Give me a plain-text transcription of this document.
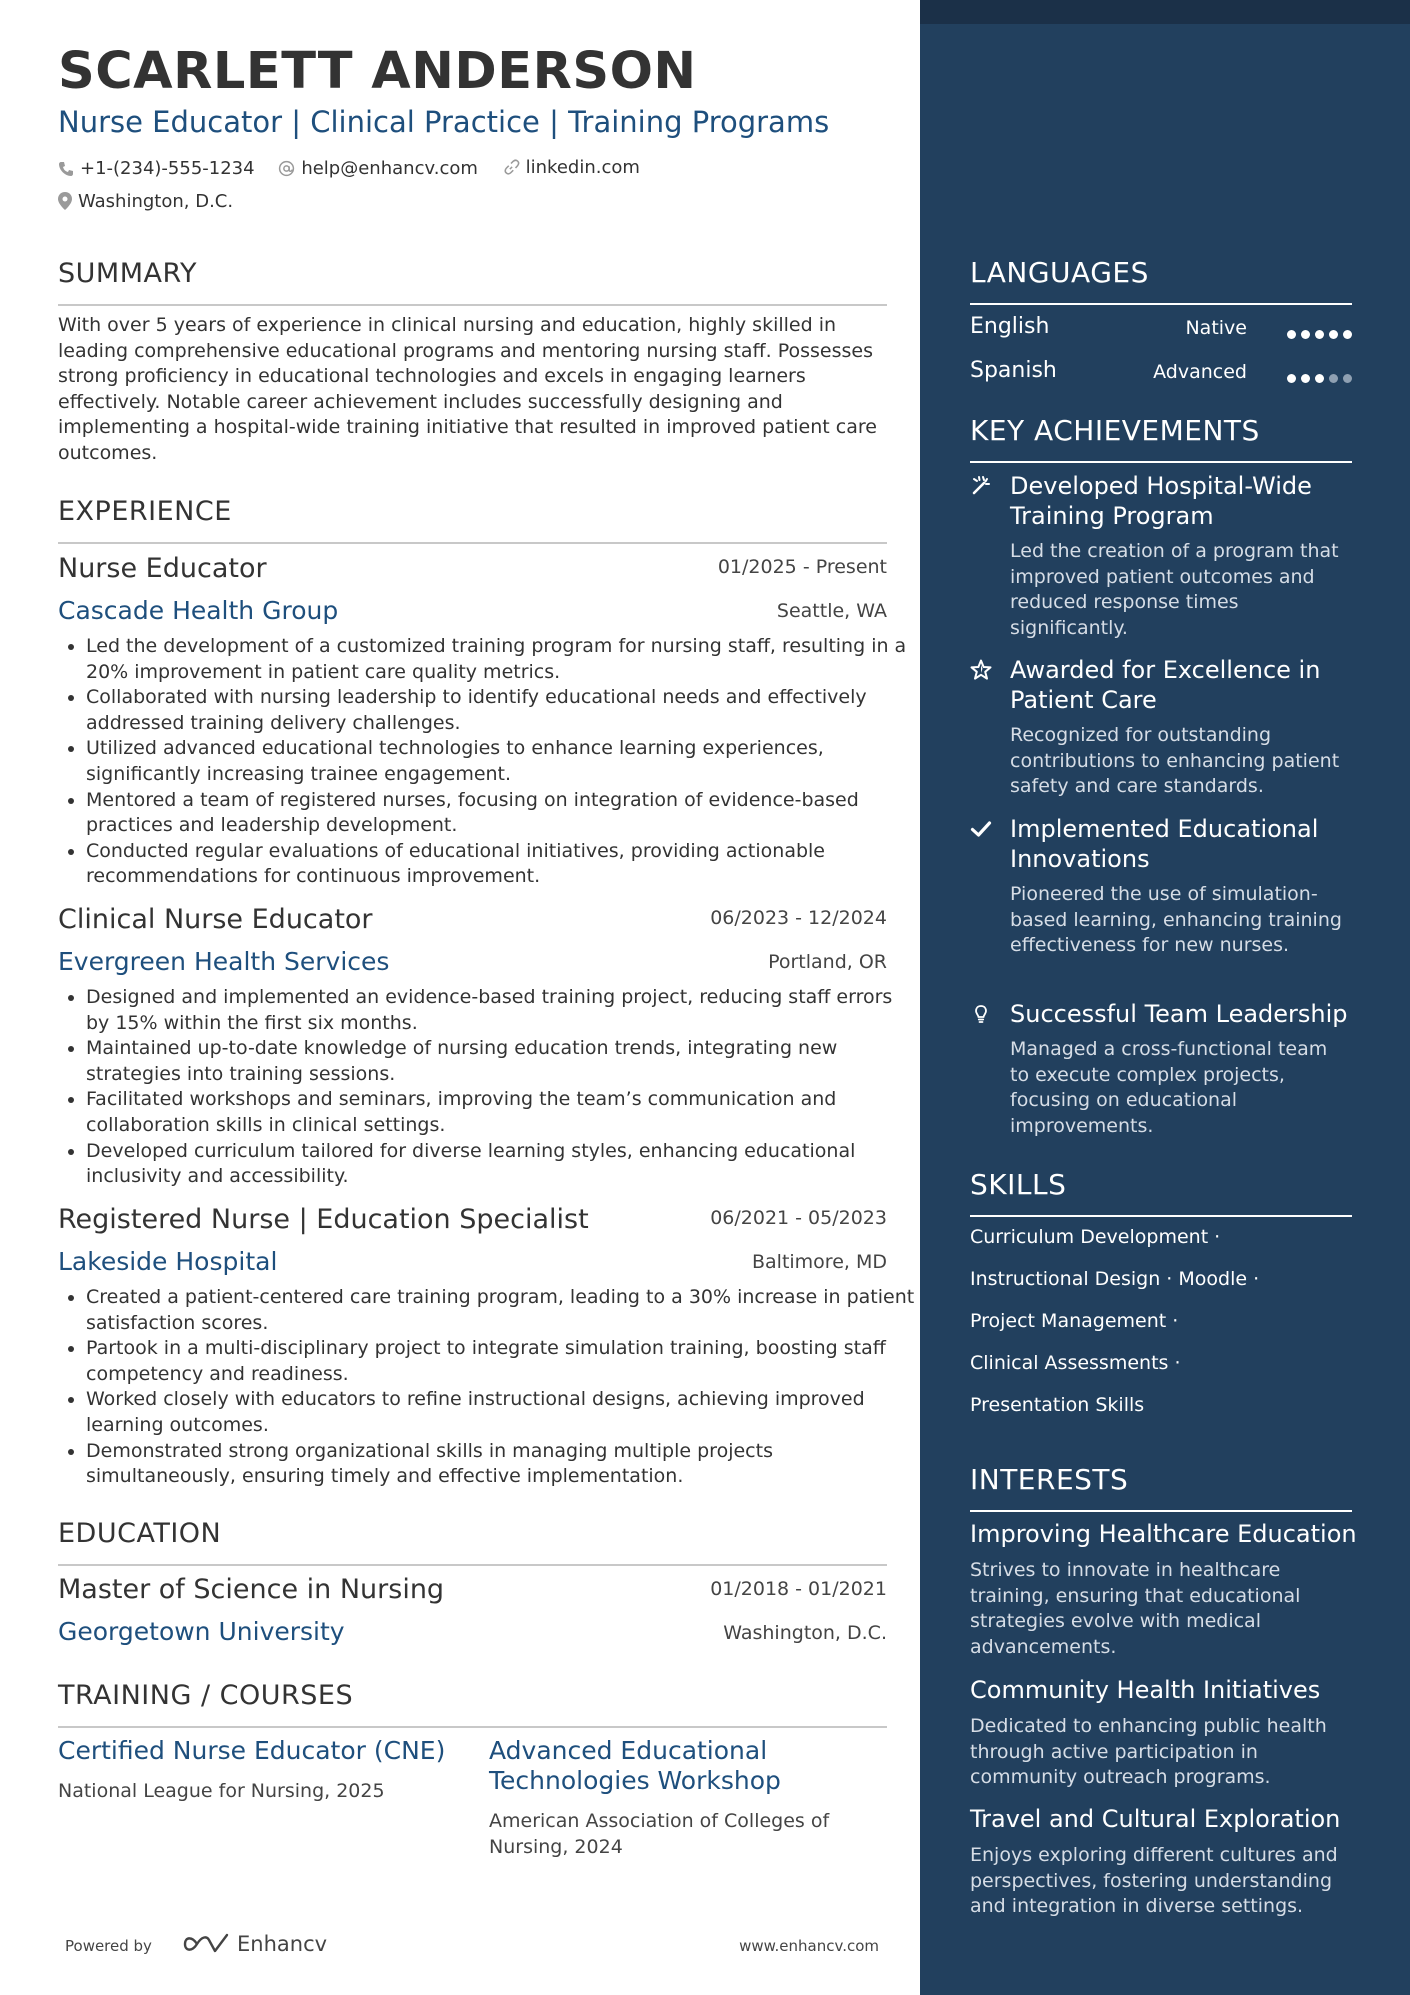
SCARLETT ANDERSON
Nurse Educator | Clinical Practice | Training Programs
+1-(234)-555-1234
	help@enhancv.com
	linkedin.com
Washington, D.C.
SUMMARY
With over 5 years of experience in clinical nursing and education, highly skilled in leading comprehensive educational programs and mentoring nursing staff. Possesses strong proficiency in educational technologies and excels in engaging learners effectively. Notable career achievement includes successfully designing and implementing a hospital-wide training initiative that resulted in improved patient care outcomes.
EXPERIENCE
Nurse Educator	01/2025 - Present
Cascade Health Group	Seattle, WA
• Led the development of a customized training program for nursing staff, resulting in a 20% improvement in patient care quality metrics.
• Collaborated with nursing leadership to identify educational needs and effectively addressed training delivery challenges.
• Utilized advanced educational technologies to enhance learning experiences, significantly increasing trainee engagement.
• Mentored a team of registered nurses, focusing on integration of evidence-based practices and leadership development.
• Conducted regular evaluations of educational initiatives, providing actionable recommendations for continuous improvement.
Clinical Nurse Educator	06/2023 - 12/2024
Evergreen Health Services	Portland, OR
• Designed and implemented an evidence-based training project, reducing staff errors by 15% within the first six months.
• Maintained up-to-date knowledge of nursing education trends, integrating new strategies into training sessions.
• Facilitated workshops and seminars, improving the team’s communication and collaboration skills in clinical settings.
• Developed curriculum tailored for diverse learning styles, enhancing educational inclusivity and accessibility.
Registered Nurse | Education Specialist	06/2021 - 05/2023
Lakeside Hospital	Baltimore, MD
• Created a patient-centered care training program, leading to a 30% increase in patient satisfaction scores.
• Partook in a multi-disciplinary project to integrate simulation training, boosting staff competency and readiness.
• Worked closely with educators to refine instructional designs, achieving improved learning outcomes.
• Demonstrated strong organizational skills in managing multiple projects simultaneously, ensuring timely and effective implementation.
EDUCATION
Master of Science in Nursing	01/2018 - 01/2021
Georgetown University	Washington, D.C.
TRAINING / COURSES
Certified Nurse Educator (CNE)
National League for Nursing, 2025
Advanced Educational Technologies Workshop
American Association of Colleges of Nursing, 2024
Powered by	Enhancv	www.enhancv.com
LANGUAGES
English	Native
Spanish	Advanced
KEY ACHIEVEMENTS
Developed Hospital-Wide Training Program
Led the creation of a program that improved patient outcomes and reduced response times significantly.
Awarded for Excellence in Patient Care
Recognized for outstanding contributions to enhancing patient safety and care standards.
Implemented Educational Innovations
Pioneered the use of simulation-based learning, enhancing training effectiveness for new nurses.
Successful Team Leadership
Managed a cross-functional team to execute complex projects, focusing on educational improvements.
SKILLS
Curriculum Development ·
Instructional Design · Moodle ·
Project Management ·
Clinical Assessments ·
Presentation Skills
INTERESTS
Improving Healthcare Education
Strives to innovate in healthcare training, ensuring that educational strategies evolve with medical advancements.
Community Health Initiatives
Dedicated to enhancing public health through active participation in community outreach programs.
Travel and Cultural Exploration
Enjoys exploring different cultures and perspectives, fostering understanding and integration in diverse settings.
